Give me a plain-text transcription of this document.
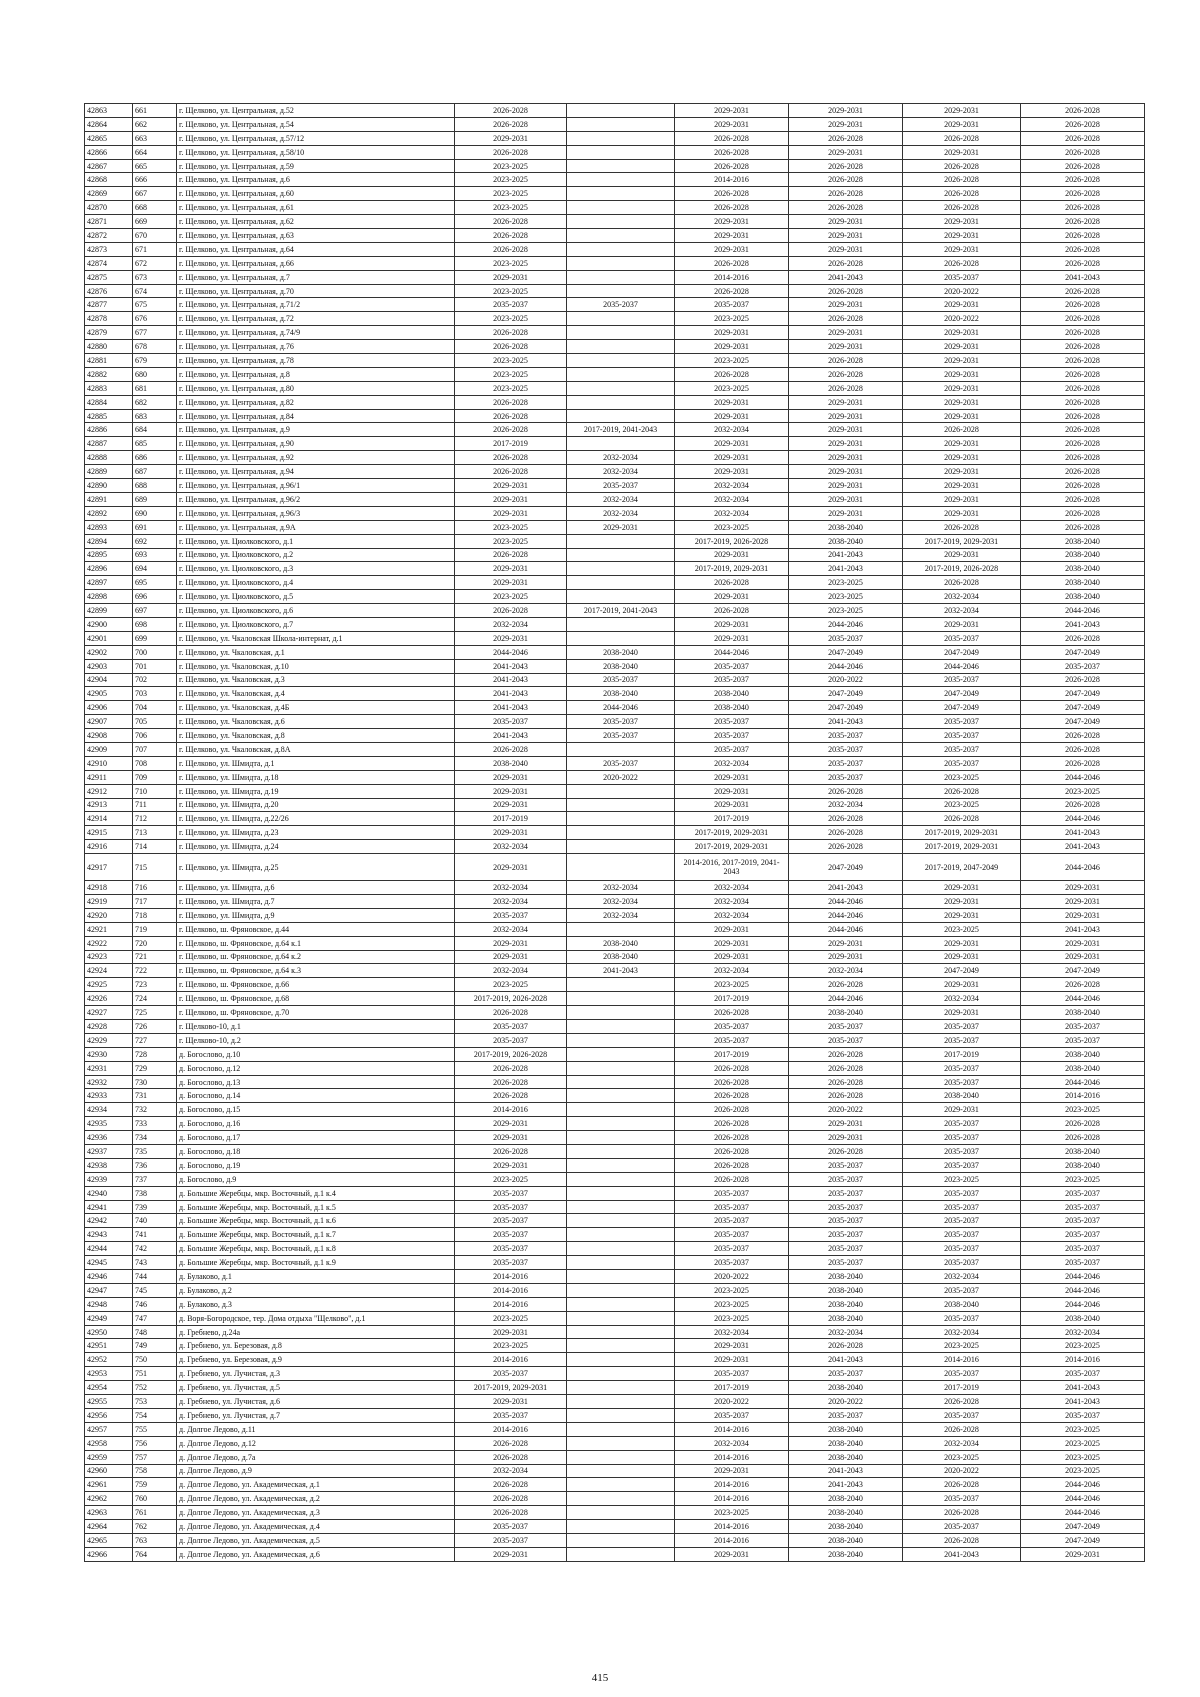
42863	661	г. Щелково, ул. Центральная, д.52	2026-2028		2029-2031	2029-2031	2029-2031	2026-2028
42864	662	г. Щелково, ул. Центральная, д.54	2026-2028		2029-2031	2029-2031	2029-2031	2026-2028
42865	663	г. Щелково, ул. Центральная, д.57/12	2029-2031		2026-2028	2026-2028	2026-2028	2026-2028
42866	664	г. Щелково, ул. Центральная, д.58/10	2026-2028		2026-2028	2029-2031	2029-2031	2026-2028
42867	665	г. Щелково, ул. Центральная, д.59	2023-2025		2026-2028	2026-2028	2026-2028	2026-2028
42868	666	г. Щелково, ул. Центральная, д.6	2023-2025		2014-2016	2026-2028	2026-2028	2026-2028
42869	667	г. Щелково, ул. Центральная, д.60	2023-2025		2026-2028	2026-2028	2026-2028	2026-2028
42870	668	г. Щелково, ул. Центральная, д.61	2023-2025		2026-2028	2026-2028	2026-2028	2026-2028
42871	669	г. Щелково, ул. Центральная, д.62	2026-2028		2029-2031	2029-2031	2029-2031	2026-2028
42872	670	г. Щелково, ул. Центральная, д.63	2026-2028		2029-2031	2029-2031	2029-2031	2026-2028
42873	671	г. Щелково, ул. Центральная, д.64	2026-2028		2029-2031	2029-2031	2029-2031	2026-2028
42874	672	г. Щелково, ул. Центральная, д.66	2023-2025		2026-2028	2026-2028	2026-2028	2026-2028
42875	673	г. Щелково, ул. Центральная, д.7	2029-2031		2014-2016	2041-2043	2035-2037	2041-2043
42876	674	г. Щелково, ул. Центральная, д.70	2023-2025		2026-2028	2026-2028	2020-2022	2026-2028
42877	675	г. Щелково, ул. Центральная, д.71/2	2035-2037	2035-2037	2035-2037	2029-2031	2029-2031	2026-2028
42878	676	г. Щелково, ул. Центральная, д.72	2023-2025		2023-2025	2026-2028	2020-2022	2026-2028
42879	677	г. Щелково, ул. Центральная, д.74/9	2026-2028		2029-2031	2029-2031	2029-2031	2026-2028
42880	678	г. Щелково, ул. Центральная, д.76	2026-2028		2029-2031	2029-2031	2029-2031	2026-2028
42881	679	г. Щелково, ул. Центральная, д.78	2023-2025		2023-2025	2026-2028	2029-2031	2026-2028
42882	680	г. Щелково, ул. Центральная, д.8	2023-2025		2026-2028	2026-2028	2029-2031	2026-2028
42883	681	г. Щелково, ул. Центральная, д.80	2023-2025		2023-2025	2026-2028	2029-2031	2026-2028
42884	682	г. Щелково, ул. Центральная, д.82	2026-2028		2029-2031	2029-2031	2029-2031	2026-2028
42885	683	г. Щелково, ул. Центральная, д.84	2026-2028		2029-2031	2029-2031	2029-2031	2026-2028
42886	684	г. Щелково, ул. Центральная, д.9	2026-2028	2017-2019, 2041-2043	2032-2034	2029-2031	2026-2028	2026-2028
42887	685	г. Щелково, ул. Центральная, д.90	2017-2019		2029-2031	2029-2031	2029-2031	2026-2028
42888	686	г. Щелково, ул. Центральная, д.92	2026-2028	2032-2034	2029-2031	2029-2031	2029-2031	2026-2028
42889	687	г. Щелково, ул. Центральная, д.94	2026-2028	2032-2034	2029-2031	2029-2031	2029-2031	2026-2028
42890	688	г. Щелково, ул. Центральная, д.96/1	2029-2031	2035-2037	2032-2034	2029-2031	2029-2031	2026-2028
42891	689	г. Щелково, ул. Центральная, д.96/2	2029-2031	2032-2034	2032-2034	2029-2031	2029-2031	2026-2028
42892	690	г. Щелково, ул. Центральная, д.96/3	2029-2031	2032-2034	2032-2034	2029-2031	2029-2031	2026-2028
42893	691	г. Щелково, ул. Центральная, д.9А	2023-2025	2029-2031	2023-2025	2038-2040	2026-2028	2026-2028
42894	692	г. Щелково, ул. Циолковского, д.1	2023-2025		2017-2019, 2026-2028	2038-2040	2017-2019, 2029-2031	2038-2040
42895	693	г. Щелково, ул. Циолковского, д.2	2026-2028		2029-2031	2041-2043	2029-2031	2038-2040
42896	694	г. Щелково, ул. Циолковского, д.3	2029-2031		2017-2019, 2029-2031	2041-2043	2017-2019, 2026-2028	2038-2040
42897	695	г. Щелково, ул. Циолковского, д.4	2029-2031		2026-2028	2023-2025	2026-2028	2038-2040
42898	696	г. Щелково, ул. Циолковского, д.5	2023-2025		2029-2031	2023-2025	2032-2034	2038-2040
42899	697	г. Щелково, ул. Циолковского, д.6	2026-2028	2017-2019, 2041-2043	2026-2028	2023-2025	2032-2034	2044-2046
42900	698	г. Щелково, ул. Циолковского, д.7	2032-2034		2029-2031	2044-2046	2029-2031	2041-2043
42901	699	г. Щелково, ул. Чкаловская Школа-интернат, д.1	2029-2031		2029-2031	2035-2037	2035-2037	2026-2028
42902	700	г. Щелково, ул. Чкаловская, д.1	2044-2046	2038-2040	2044-2046	2047-2049	2047-2049	2047-2049
42903	701	г. Щелково, ул. Чкаловская, д.10	2041-2043	2038-2040	2035-2037	2044-2046	2044-2046	2035-2037
42904	702	г. Щелково, ул. Чкаловская, д.3	2041-2043	2035-2037	2035-2037	2020-2022	2035-2037	2026-2028
42905	703	г. Щелково, ул. Чкаловская, д.4	2041-2043	2038-2040	2038-2040	2047-2049	2047-2049	2047-2049
42906	704	г. Щелково, ул. Чкаловская, д.4Б	2041-2043	2044-2046	2038-2040	2047-2049	2047-2049	2047-2049
42907	705	г. Щелково, ул. Чкаловская, д.6	2035-2037	2035-2037	2035-2037	2041-2043	2035-2037	2047-2049
42908	706	г. Щелково, ул. Чкаловская, д.8	2041-2043	2035-2037	2035-2037	2035-2037	2035-2037	2026-2028
42909	707	г. Щелково, ул. Чкаловская, д.8А	2026-2028		2035-2037	2035-2037	2035-2037	2026-2028
42910	708	г. Щелково, ул. Шмидта, д.1	2038-2040	2035-2037	2032-2034	2035-2037	2035-2037	2026-2028
42911	709	г. Щелково, ул. Шмидта, д.18	2029-2031	2020-2022	2029-2031	2035-2037	2023-2025	2044-2046
42912	710	г. Щелково, ул. Шмидта, д.19	2029-2031		2029-2031	2026-2028	2026-2028	2023-2025
42913	711	г. Щелково, ул. Шмидта, д.20	2029-2031		2029-2031	2032-2034	2023-2025	2026-2028
42914	712	г. Щелково, ул. Шмидта, д.22/26	2017-2019		2017-2019	2026-2028	2026-2028	2044-2046
42915	713	г. Щелково, ул. Шмидта, д.23	2029-2031		2017-2019, 2029-2031	2026-2028	2017-2019, 2029-2031	2041-2043
42916	714	г. Щелково, ул. Шмидта, д.24	2032-2034		2017-2019, 2029-2031	2026-2028	2017-2019, 2029-2031	2041-2043
42917	715	г. Щелково, ул. Шмидта, д.25	2029-2031		2014-2016, 2017-2019, 2041-2043	2047-2049	2017-2019, 2047-2049	2044-2046
42918	716	г. Щелково, ул. Шмидта, д.6	2032-2034	2032-2034	2032-2034	2041-2043	2029-2031	2029-2031
42919	717	г. Щелково, ул. Шмидта, д.7	2032-2034	2032-2034	2032-2034	2044-2046	2029-2031	2029-2031
42920	718	г. Щелково, ул. Шмидта, д.9	2035-2037	2032-2034	2032-2034	2044-2046	2029-2031	2029-2031
42921	719	г. Щелково, ш. Фряновское, д.44	2032-2034		2029-2031	2044-2046	2023-2025	2041-2043
42922	720	г. Щелково, ш. Фряновское, д.64 к.1	2029-2031	2038-2040	2029-2031	2029-2031	2029-2031	2029-2031
42923	721	г. Щелково, ш. Фряновское, д.64 к.2	2029-2031	2038-2040	2029-2031	2029-2031	2029-2031	2029-2031
42924	722	г. Щелково, ш. Фряновское, д.64 к.3	2032-2034	2041-2043	2032-2034	2032-2034	2047-2049	2047-2049
42925	723	г. Щелково, ш. Фряновское, д.66	2023-2025		2023-2025	2026-2028	2029-2031	2026-2028
42926	724	г. Щелково, ш. Фряновское, д.68	2017-2019, 2026-2028		2017-2019	2044-2046	2032-2034	2044-2046
42927	725	г. Щелково, ш. Фряновское, д.70	2026-2028		2026-2028	2038-2040	2029-2031	2038-2040
42928	726	г. Щелково-10, д.1	2035-2037		2035-2037	2035-2037	2035-2037	2035-2037
42929	727	г. Щелково-10, д.2	2035-2037		2035-2037	2035-2037	2035-2037	2035-2037
42930	728	д. Богослово, д.10	2017-2019, 2026-2028		2017-2019	2026-2028	2017-2019	2038-2040
42931	729	д. Богослово, д.12	2026-2028		2026-2028	2026-2028	2035-2037	2038-2040
42932	730	д. Богослово, д.13	2026-2028		2026-2028	2026-2028	2035-2037	2044-2046
42933	731	д. Богослово, д.14	2026-2028		2026-2028	2026-2028	2038-2040	2014-2016
42934	732	д. Богослово, д.15	2014-2016		2026-2028	2020-2022	2029-2031	2023-2025
42935	733	д. Богослово, д.16	2029-2031		2026-2028	2029-2031	2035-2037	2026-2028
42936	734	д. Богослово, д.17	2029-2031		2026-2028	2029-2031	2035-2037	2026-2028
42937	735	д. Богослово, д.18	2026-2028		2026-2028	2026-2028	2035-2037	2038-2040
42938	736	д. Богослово, д.19	2029-2031		2026-2028	2035-2037	2035-2037	2038-2040
42939	737	д. Богослово, д.9	2023-2025		2026-2028	2035-2037	2023-2025	2023-2025
42940	738	д. Большие Жеребцы, мкр. Восточный, д.1 к.4	2035-2037		2035-2037	2035-2037	2035-2037	2035-2037
42941	739	д. Большие Жеребцы, мкр. Восточный, д.1 к.5	2035-2037		2035-2037	2035-2037	2035-2037	2035-2037
42942	740	д. Большие Жеребцы, мкр. Восточный, д.1 к.6	2035-2037		2035-2037	2035-2037	2035-2037	2035-2037
42943	741	д. Большие Жеребцы, мкр. Восточный, д.1 к.7	2035-2037		2035-2037	2035-2037	2035-2037	2035-2037
42944	742	д. Большие Жеребцы, мкр. Восточный, д.1 к.8	2035-2037		2035-2037	2035-2037	2035-2037	2035-2037
42945	743	д. Большие Жеребцы, мкр. Восточный, д.1 к.9	2035-2037		2035-2037	2035-2037	2035-2037	2035-2037
42946	744	д. Булаково, д.1	2014-2016		2020-2022	2038-2040	2032-2034	2044-2046
42947	745	д. Булаково, д.2	2014-2016		2023-2025	2038-2040	2035-2037	2044-2046
42948	746	д. Булаково, д.3	2014-2016		2023-2025	2038-2040	2038-2040	2044-2046
42949	747	д. Воря-Богородское, тер. Дома отдыха "Щелково", д.1	2023-2025		2023-2025	2038-2040	2035-2037	2038-2040
42950	748	д. Гребнево, д.24а	2029-2031		2032-2034	2032-2034	2032-2034	2032-2034
42951	749	д. Гребнево, ул. Березовая, д.8	2023-2025		2029-2031	2026-2028	2023-2025	2023-2025
42952	750	д. Гребнево, ул. Березовая, д.9	2014-2016		2029-2031	2041-2043	2014-2016	2014-2016
42953	751	д. Гребнево, ул. Лучистая, д.3	2035-2037		2035-2037	2035-2037	2035-2037	2035-2037
42954	752	д. Гребнево, ул. Лучистая, д.5	2017-2019, 2029-2031		2017-2019	2038-2040	2017-2019	2041-2043
42955	753	д. Гребнево, ул. Лучистая, д.6	2029-2031		2020-2022	2020-2022	2026-2028	2041-2043
42956	754	д. Гребнево, ул. Лучистая, д.7	2035-2037		2035-2037	2035-2037	2035-2037	2035-2037
42957	755	д. Долгое Ледово, д.11	2014-2016		2014-2016	2038-2040	2026-2028	2023-2025
42958	756	д. Долгое Ледово, д.12	2026-2028		2032-2034	2038-2040	2032-2034	2023-2025
42959	757	д. Долгое Ледово, д.7а	2026-2028		2014-2016	2038-2040	2023-2025	2023-2025
42960	758	д. Долгое Ледово, д.9	2032-2034		2029-2031	2041-2043	2020-2022	2023-2025
42961	759	д. Долгое Ледово, ул. Академическая, д.1	2026-2028		2014-2016	2041-2043	2026-2028	2044-2046
42962	760	д. Долгое Ледово, ул. Академическая, д.2	2026-2028		2014-2016	2038-2040	2035-2037	2044-2046
42963	761	д. Долгое Ледово, ул. Академическая, д.3	2026-2028		2023-2025	2038-2040	2026-2028	2044-2046
42964	762	д. Долгое Ледово, ул. Академическая, д.4	2035-2037		2014-2016	2038-2040	2035-2037	2047-2049
42965	763	д. Долгое Ледово, ул. Академическая, д.5	2035-2037		2014-2016	2038-2040	2026-2028	2047-2049
42966	764	д. Долгое Ледово, ул. Академическая, д.6	2029-2031		2029-2031	2038-2040	2041-2043	2029-2031
415
